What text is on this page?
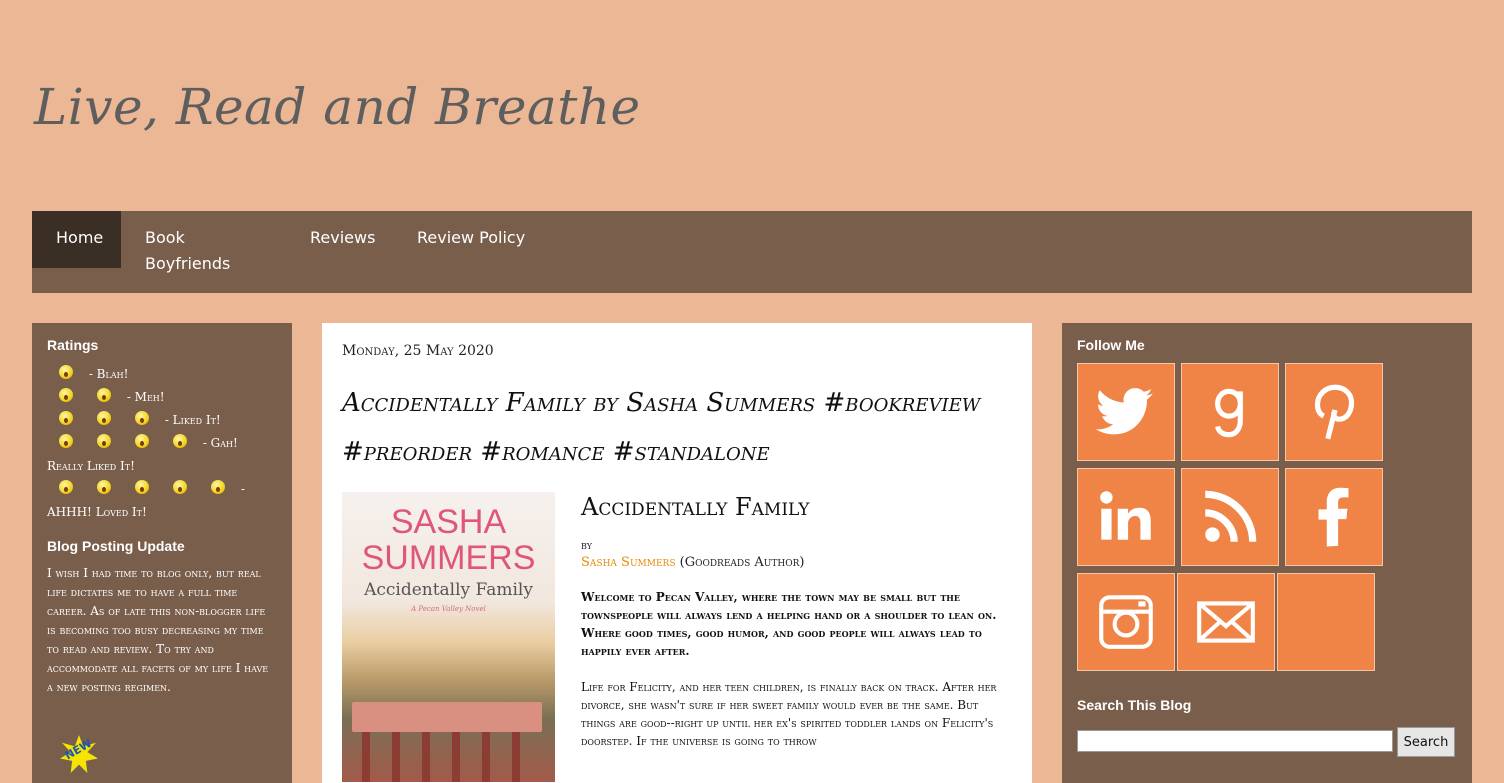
Live, Read and Breathe
Home	Book Boyfriends
Reviews	Review Policy
Ratings
- Blah!
- Meh!
- Liked It!
- Gah! Really Liked It!
- AHHH! Loved It!
Blog Posting Update
I wish I had time to blog only, but real life dictates me to have a full time career. As of late this non-blogger life is becoming too busy decreasing my time to read and review. To try and accommodate all facets of my life I have a new posting regimen.
NEW
Monday, 25 May 2020
Accidentally Family by Sasha Summers #bookreview #preorder #romance #standalone
SASHA
SUMMERS
Accidentally Family
A Pecan Valley Novel
Accidentally Family
by
Sasha Summers (Goodreads Author)

Welcome to Pecan Valley, where the town may be small but the townspeople will always lend a helping hand or a shoulder to lean on. Where good times, good humor, and good people will always lead to happily ever after.

Life for Felicity, and her teen children, is finally back on track. After her divorce, she wasn't sure if her sweet family would ever be the same. But things are good--right up until her ex's spirited toddler lands on Felicity's doorstep. If the universe is going to throw

Follow Me
Search This Blog
Search
